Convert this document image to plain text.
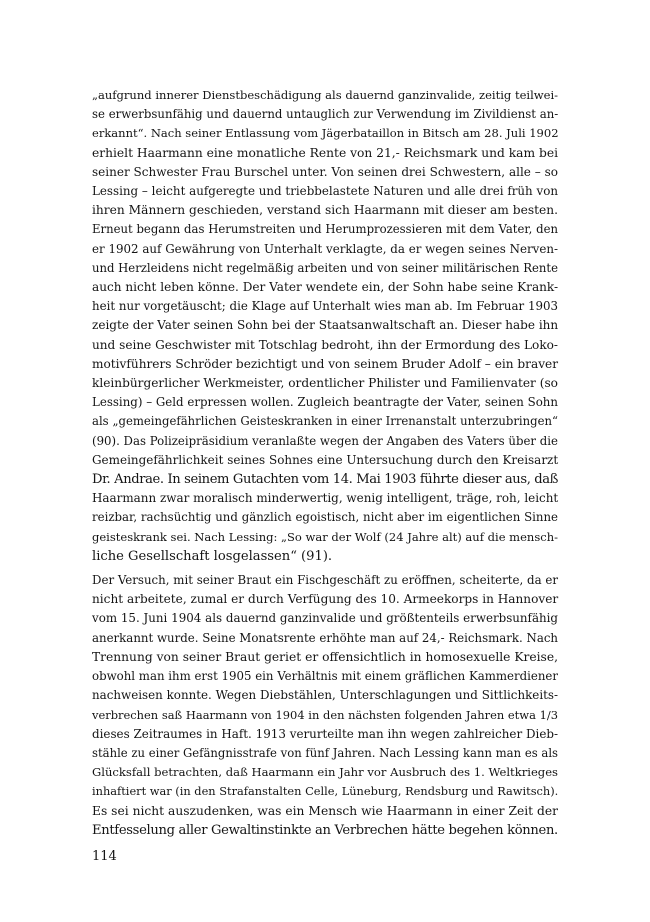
„aufgrund innerer Dienstbeschädigung als dauernd ganzinvalide, zeitig teilwei-
se erwerbsunfähig und dauernd untauglich zur Verwendung im Zivildienst an-
erkannt“. Nach seiner Entlassung vom Jägerbataillon in Bitsch am 28. Juli 1902
erhielt Haarmann eine monatliche Rente von 21,- Reichsmark und kam bei
seiner Schwester Frau Burschel unter. Von seinen drei Schwestern, alle – so
Lessing – leicht aufgeregte und triebbelastete Naturen und alle drei früh von
ihren Männern geschieden, verstand sich Haarmann mit dieser am besten.
Erneut begann das Herumstreiten und Herumprozessieren mit dem Vater, den
er 1902 auf Gewährung von Unterhalt verklagte, da er wegen seines Nerven-
und Herzleidens nicht regelmäßig arbeiten und von seiner militärischen Rente
auch nicht leben könne. Der Vater wendete ein, der Sohn habe seine Krank-
heit nur vorgetäuscht; die Klage auf Unterhalt wies man ab. Im Februar 1903
zeigte der Vater seinen Sohn bei der Staatsanwaltschaft an. Dieser habe ihn
und seine Geschwister mit Totschlag bedroht, ihn der Ermordung des Loko-
motivführers Schröder bezichtigt und von seinem Bruder Adolf – ein braver
kleinbürgerlicher Werkmeister, ordentlicher Philister und Familienvater (so
Lessing) – Geld erpressen wollen. Zugleich beantragte der Vater, seinen Sohn
als „gemeingefährlichen Geisteskranken in einer Irrenanstalt unterzubringen“
(90). Das Polizeipräsidium veranlaßte wegen der Angaben des Vaters über die
Gemeingefährlichkeit seines Sohnes eine Untersuchung durch den Kreisarzt
Dr. Andrae. In seinem Gutachten vom 14. Mai 1903 führte dieser aus, daß
Haarmann zwar moralisch minderwertig, wenig intelligent, träge, roh, leicht
reizbar, rachsüchtig und gänzlich egoistisch, nicht aber im eigentlichen Sinne
geisteskrank sei. Nach Lessing: „So war der Wolf (24 Jahre alt) auf die mensch-
liche Gesellschaft losgelassen“ (91).

Der Versuch, mit seiner Braut ein Fischgeschäft zu eröffnen, scheiterte, da er
nicht arbeitete, zumal er durch Verfügung des 10. Armeekorps in Hannover
vom 15. Juni 1904 als dauernd ganzinvalide und größtenteils erwerbsunfähig
anerkannt wurde. Seine Monatsrente erhöhte man auf 24,- Reichsmark. Nach
Trennung von seiner Braut geriet er offensichtlich in homosexuelle Kreise,
obwohl man ihm erst 1905 ein Verhältnis mit einem gräflichen Kammerdiener
nachweisen konnte. Wegen Diebstählen, Unterschlagungen und Sittlichkeits-
verbrechen saß Haarmann von 1904 in den nächsten folgenden Jahren etwa 1/3
dieses Zeitraumes in Haft. 1913 verurteilte man ihn wegen zahlreicher Dieb-
stähle zu einer Gefängnisstrafe von fünf Jahren. Nach Lessing kann man es als
Glücksfall betrachten, daß Haarmann ein Jahr vor Ausbruch des 1. Weltkrieges
inhaftiert war (in den Strafanstalten Celle, Lüneburg, Rendsburg und Rawitsch).
Es sei nicht auszudenken, was ein Mensch wie Haarmann in einer Zeit der
Entfesselung aller Gewaltinstinkte an Verbrechen hätte begehen können.

114
